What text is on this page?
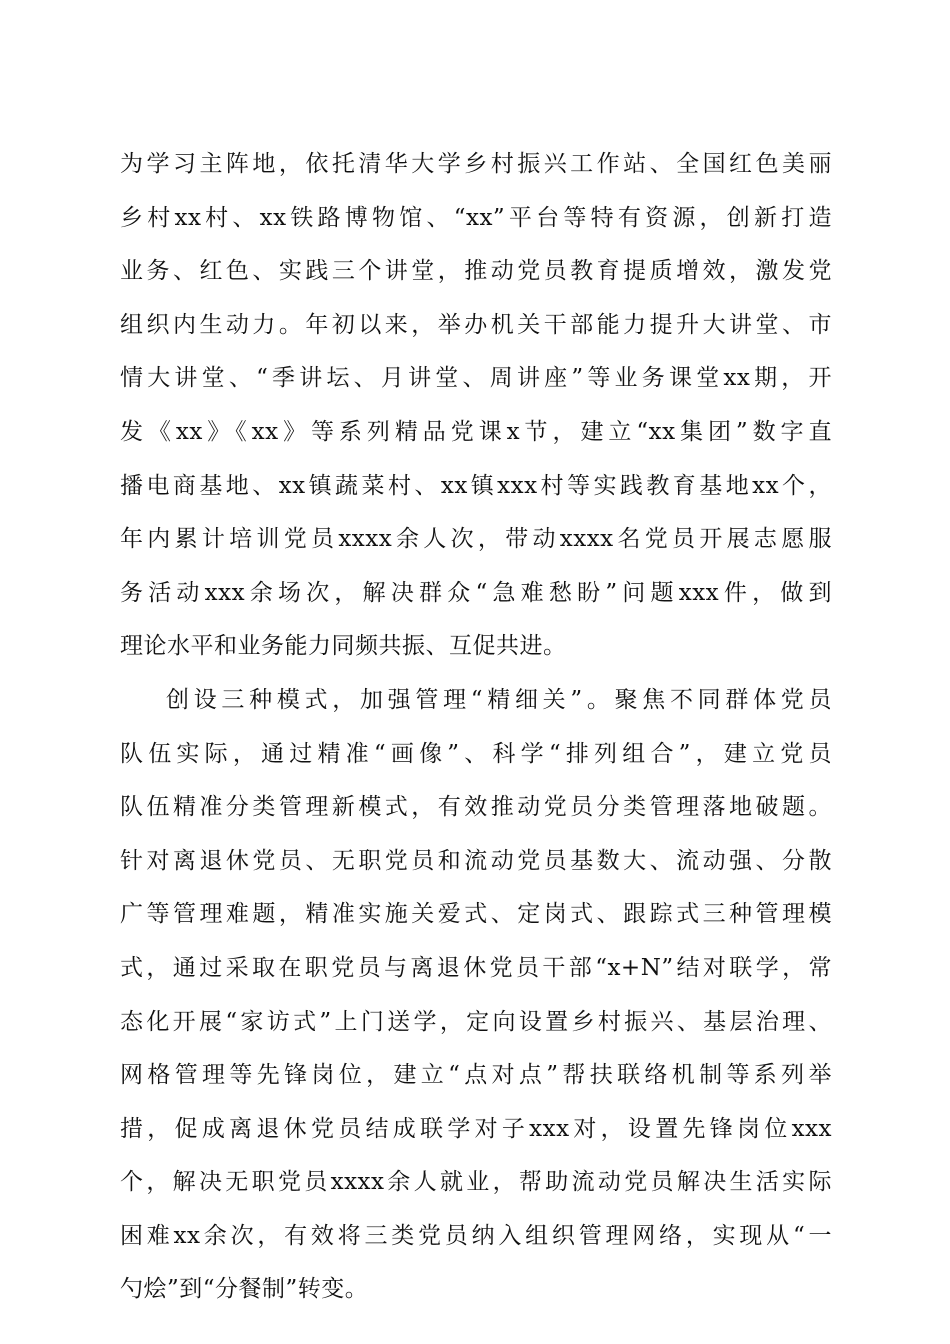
为学习主阵地，依托清华大学乡村振兴工作站、全国红色美丽
乡村xx村、xx铁路博物馆、“xx”平台等特有资源，创新打造
业务、红色、实践三个讲堂，推动党员教育提质增效，激发党
组织内生动力。年初以来，举办机关干部能力提升大讲堂、市
情大讲堂、“季讲坛、月讲堂、周讲座”等业务课堂xx期，开
发《xx》《xx》等系列精品党课x节，建立“xx集团”数字直
播电商基地、xx镇蔬菜村、xx镇xxx村等实践教育基地xx个，
年内累计培训党员xxxx余人次，带动xxxx名党员开展志愿服
务活动xxx余场次，解决群众“急难愁盼”问题xxx件，做到
理论水平和业务能力同频共振、互促共进。
创设三种模式，加强管理“精细关”。聚焦不同群体党员
队伍实际，通过精准“画像”、科学“排列组合”，建立党员
队伍精准分类管理新模式，有效推动党员分类管理落地破题。
针对离退休党员、无职党员和流动党员基数大、流动强、分散
广等管理难题，精准实施关爱式、定岗式、跟踪式三种管理模
式，通过采取在职党员与离退休党员干部“x+N”结对联学，常
态化开展“家访式”上门送学，定向设置乡村振兴、基层治理、
网格管理等先锋岗位，建立“点对点”帮扶联络机制等系列举
措，促成离退休党员结成联学对子xxx对，设置先锋岗位xxx
个，解决无职党员xxxx余人就业，帮助流动党员解决生活实际
困难xx余次，有效将三类党员纳入组织管理网络，实现从“一
勺烩”到“分餐制”转变。
